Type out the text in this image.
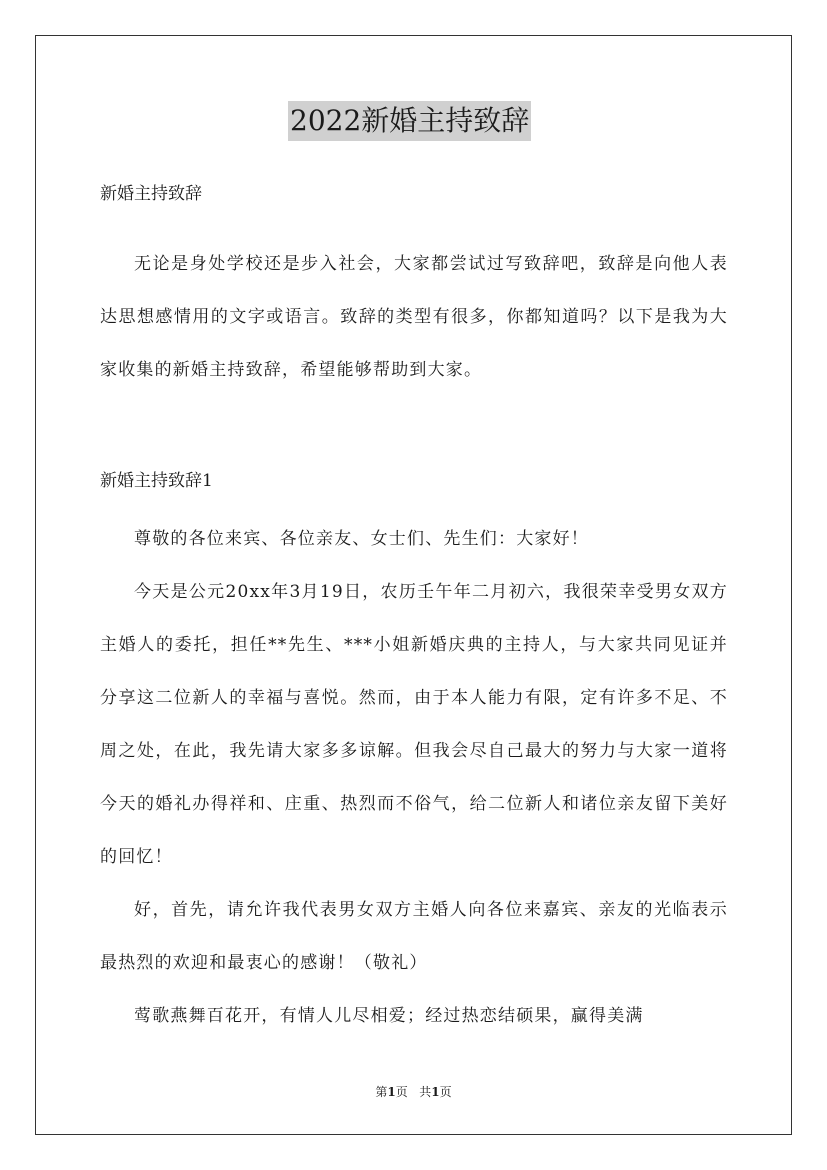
2022新婚主持致辞
新婚主持致辞

无论是身处学校还是步入社会，大家都尝试过写致辞吧，致辞是向他人表达思想感情用的文字或语言。致辞的类型有很多，你都知道吗？以下是我为大家收集的新婚主持致辞，希望能够帮助到大家。

新婚主持致辞1

尊敬的各位来宾、各位亲友、女士们、先生们：大家好！

今天是公元20xx年3月19日，农历壬午年二月初六，我很荣幸受男女双方主婚人的委托，担任**先生、***小姐新婚庆典的主持人，与大家共同见证并分享这二位新人的幸福与喜悦。然而，由于本人能力有限，定有许多不足、不周之处，在此，我先请大家多多谅解。但我会尽自己最大的努力与大家一道将今天的婚礼办得祥和、庄重、热烈而不俗气，给二位新人和诸位亲友留下美好的回忆！

好，首先，请允许我代表男女双方主婚人向各位来嘉宾、亲友的光临表示最热烈的欢迎和最衷心的感谢！（敬礼）

莺歌燕舞百花开，有情人儿尽相爱；经过热恋结硕果，赢得美满

第1页   共1页
